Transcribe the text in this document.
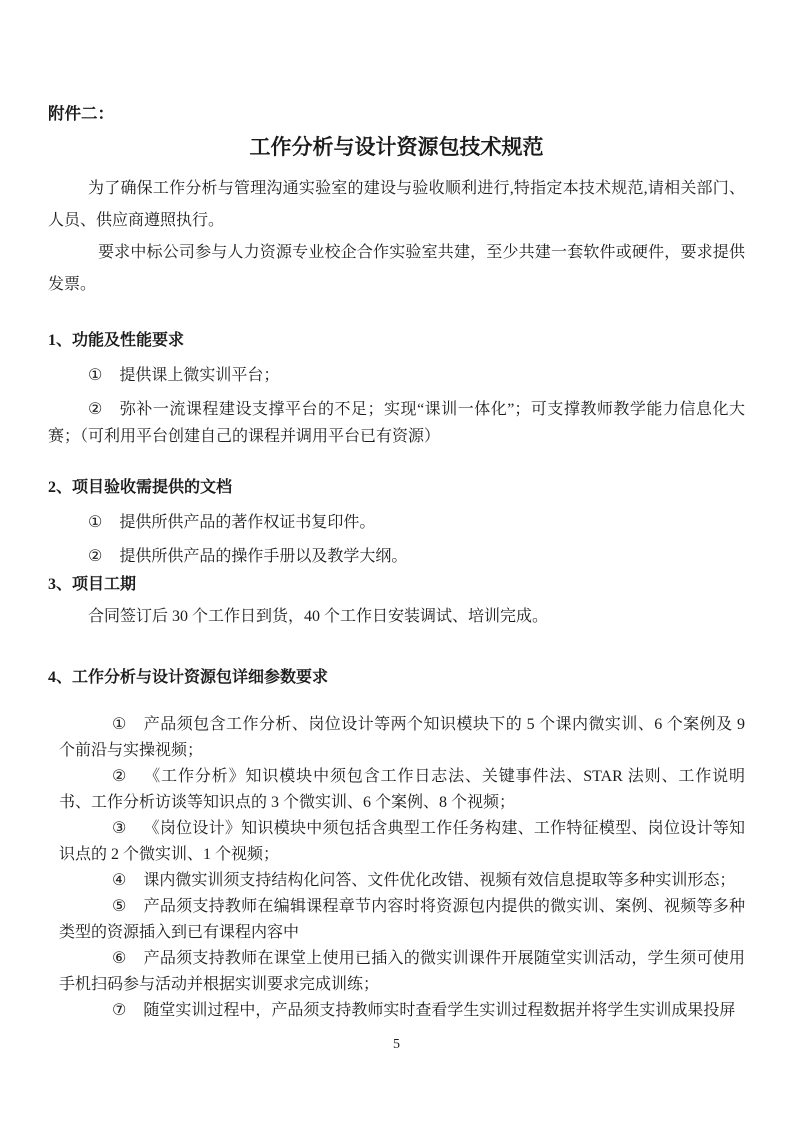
附件二：
工作分析与设计资源包技术规范

为了确保工作分析与管理沟通实验室的建设与验收顺利进行,特指定本技术规范,请相关部门、人员、供应商遵照执行。

要求中标公司参与人力资源专业校企合作实验室共建，至少共建一套软件或硬件，要求提供发票。

1、功能及性能要求

① 提供课上微实训平台；

② 弥补一流课程建设支撑平台的不足；实现“课训一体化”；可支撑教师教学能力信息化大赛；（可利用平台创建自己的课程并调用平台已有资源）

2、项目验收需提供的文档

① 提供所供产品的著作权证书复印件。

② 提供所供产品的操作手册以及教学大纲。

3、项目工期

合同签订后 30 个工作日到货，40 个工作日安装调试、培训完成。

4、工作分析与设计资源包详细参数要求

① 产品须包含工作分析、岗位设计等两个知识模块下的 5 个课内微实训、6 个案例及 9 个前沿与实操视频；

② 《工作分析》知识模块中须包含工作日志法、关键事件法、STAR 法则、工作说明书、工作分析访谈等知识点的 3 个微实训、6 个案例、8 个视频；

③ 《岗位设计》知识模块中须包括含典型工作任务构建、工作特征模型、岗位设计等知识点的 2 个微实训、1 个视频；

④ 课内微实训须支持结构化问答、文件优化改错、视频有效信息提取等多种实训形态；

⑤ 产品须支持教师在编辑课程章节内容时将资源包内提供的微实训、案例、视频等多种类型的资源插入到已有课程内容中

⑥ 产品须支持教师在课堂上使用已插入的微实训课件开展随堂实训活动，学生须可使用手机扫码参与活动并根据实训要求完成训练；

⑦ 随堂实训过程中，产品须支持教师实时查看学生实训过程数据并将学生实训成果投屏

5
